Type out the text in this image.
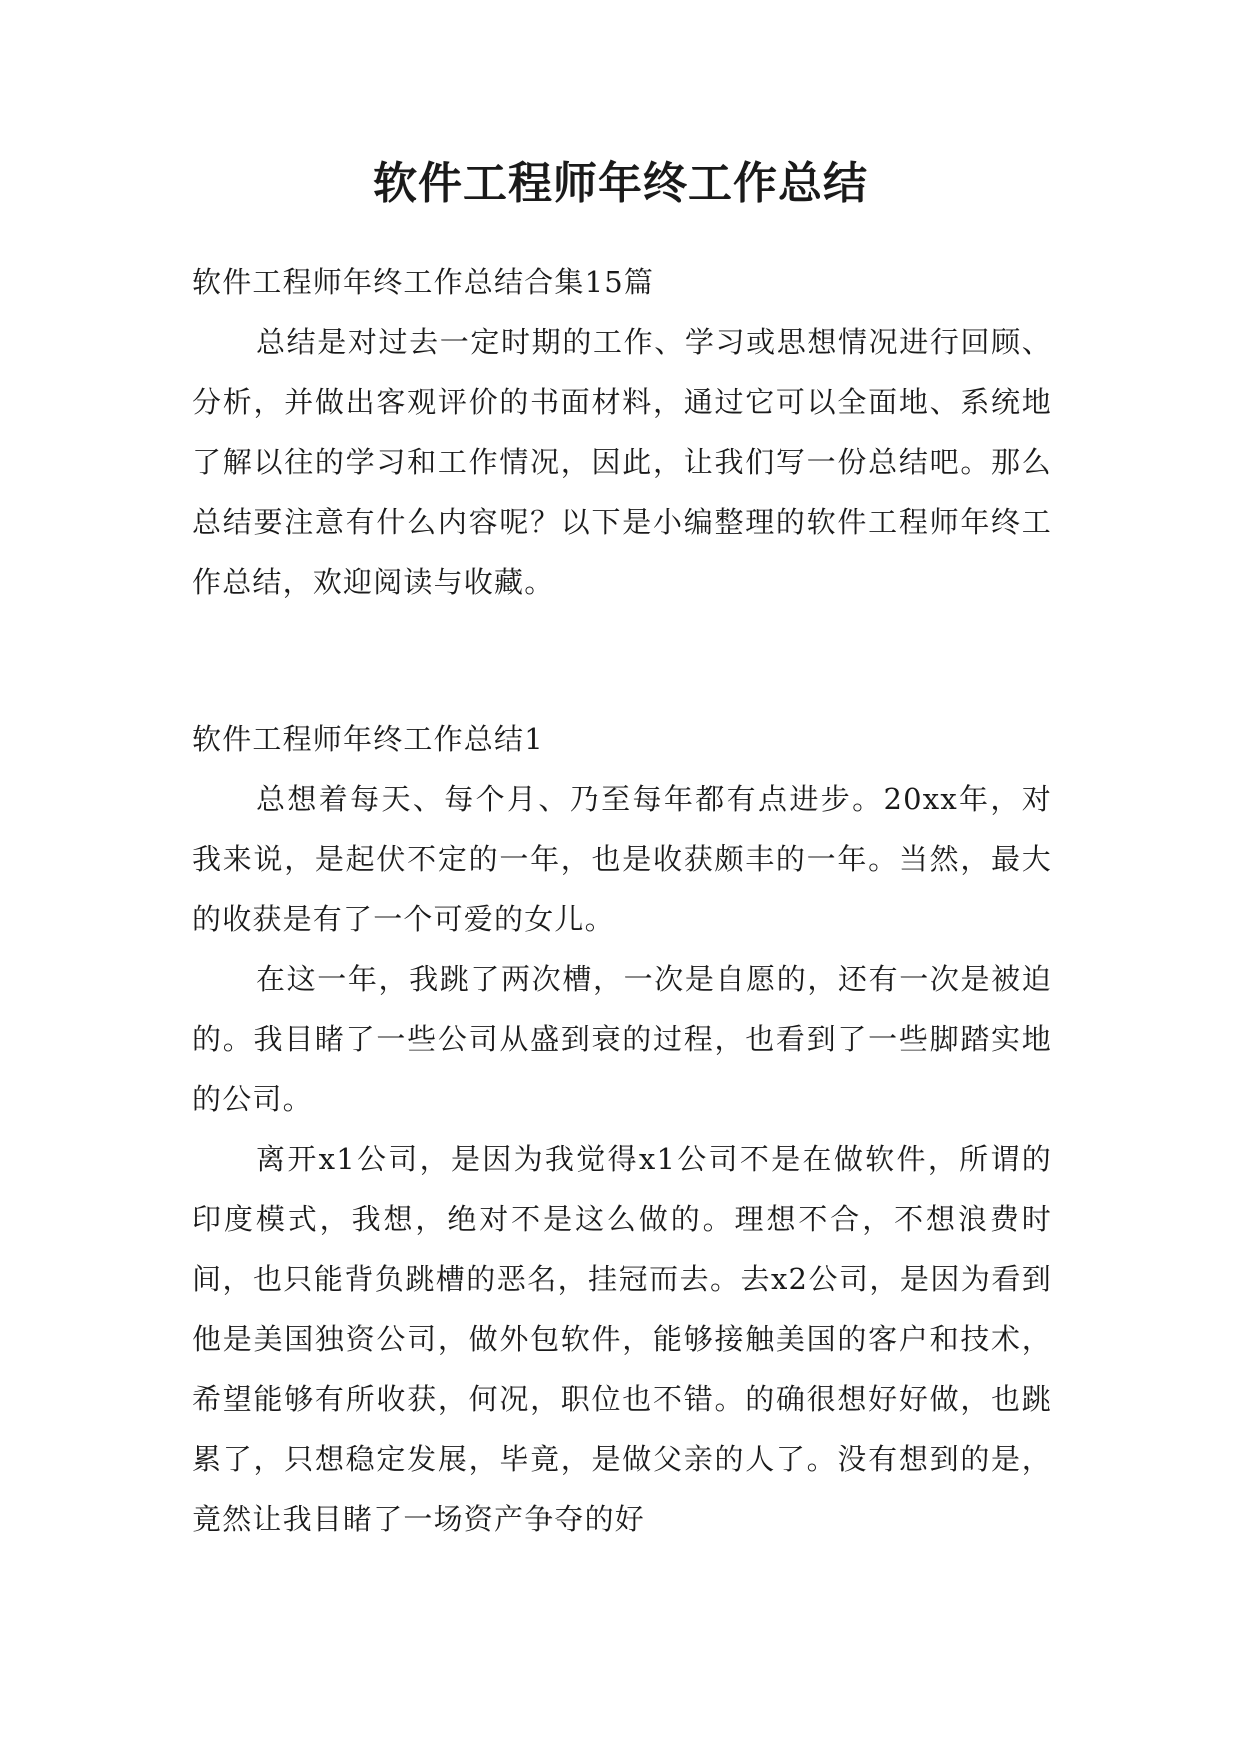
软件工程师年终工作总结

软件工程师年终工作总结合集15篇

总结是对过去一定时期的工作、学习或思想情况进行回顾、分析，并做出客观评价的书面材料，通过它可以全面地、系统地了解以往的学习和工作情况，因此，让我们写一份总结吧。那么总结要注意有什么内容呢？以下是小编整理的软件工程师年终工作总结，欢迎阅读与收藏。

软件工程师年终工作总结1

总想着每天、每个月、乃至每年都有点进步。20xx年，对我来说，是起伏不定的一年，也是收获颇丰的一年。当然，最大的收获是有了一个可爱的女儿。

在这一年，我跳了两次槽，一次是自愿的，还有一次是被迫的。我目睹了一些公司从盛到衰的过程，也看到了一些脚踏实地的公司。

离开x1公司，是因为我觉得x1公司不是在做软件，所谓的印度模式，我想，绝对不是这么做的。理想不合，不想浪费时间，也只能背负跳槽的恶名，挂冠而去。去x2公司，是因为看到他是美国独资公司，做外包软件，能够接触美国的客户和技术，希望能够有所收获，何况，职位也不错。的确很想好好做，也跳累了，只想稳定发展，毕竟，是做父亲的人了。没有想到的是，竟然让我目睹了一场资产争夺的好
